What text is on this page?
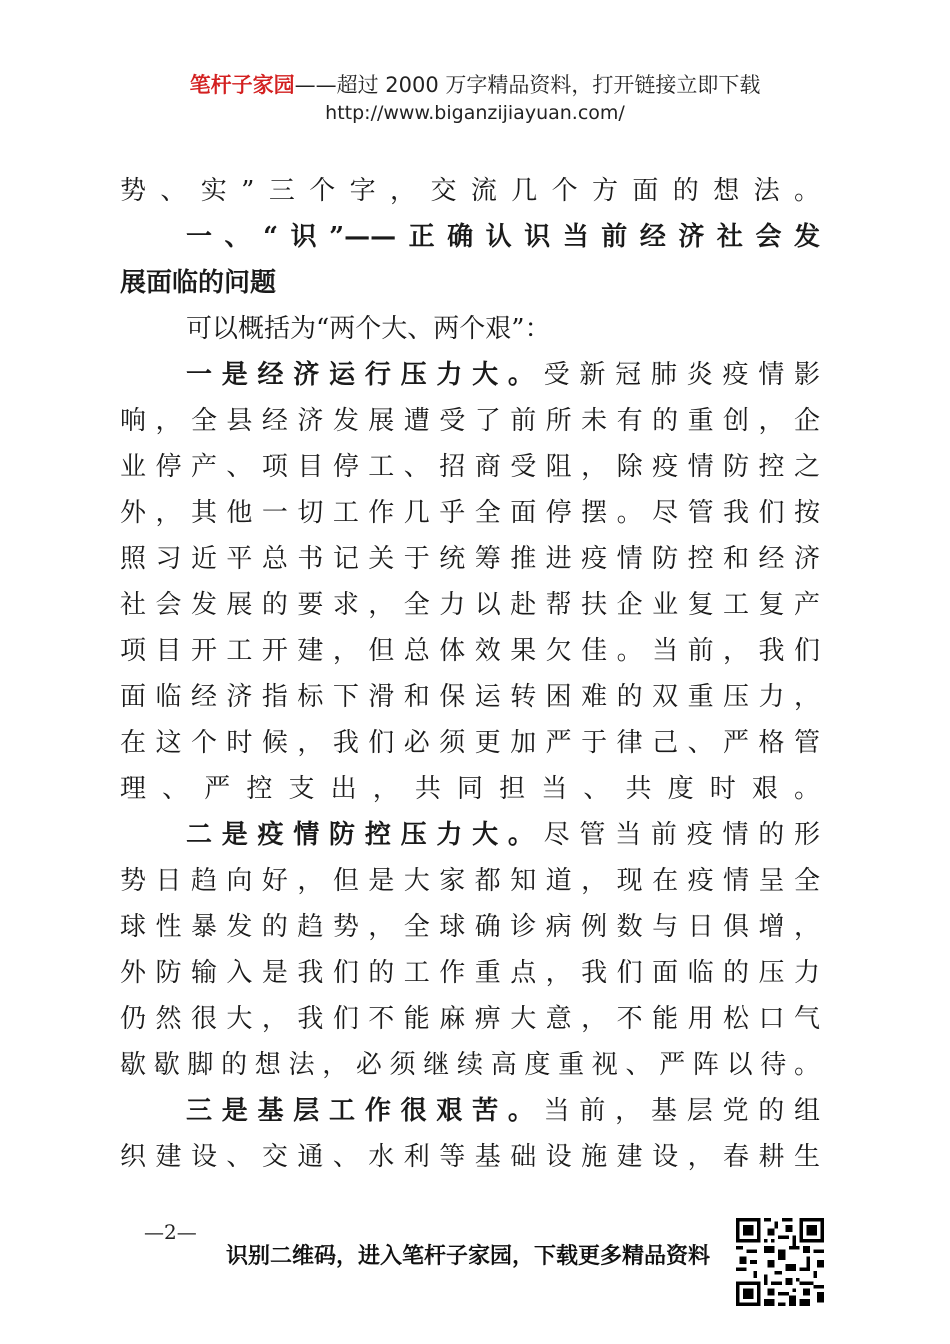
笔杆子家园——超过 2000 万字精品资料，打开链接立即下载
http://www.biganzijiayuan.com/
势、实”三个字，交流几个方面的想法。
一、“识”——正确认识当前经济社会发
展面临的问题
可以概括为“两个大、两个艰”：
一是经济运行压力大。受新冠肺炎疫情影
响，全县经济发展遭受了前所未有的重创，企
业停产、项目停工、招商受阻，除疫情防控之
外，其他一切工作几乎全面停摆。尽管我们按
照习近平总书记关于统筹推进疫情防控和经济
社会发展的要求，全力以赴帮扶企业复工复产
项目开工开建，但总体效果欠佳。当前，我们
面临经济指标下滑和保运转困难的双重压力，
在这个时候，我们必须更加严于律己、严格管
理、严控支出，共同担当、共度时艰。
二是疫情防控压力大。尽管当前疫情的形
势日趋向好，但是大家都知道，现在疫情呈全
球性暴发的趋势，全球确诊病例数与日俱增，
外防输入是我们的工作重点，我们面临的压力
仍然很大，我们不能麻痹大意，不能用松口气
歇歇脚的想法，必须继续高度重视、严阵以待。
三是基层工作很艰苦。当前，基层党的组
织建设、交通、水利等基础设施建设，春耕生
—2—
识别二维码，进入笔杆子家园，下载更多精品资料
